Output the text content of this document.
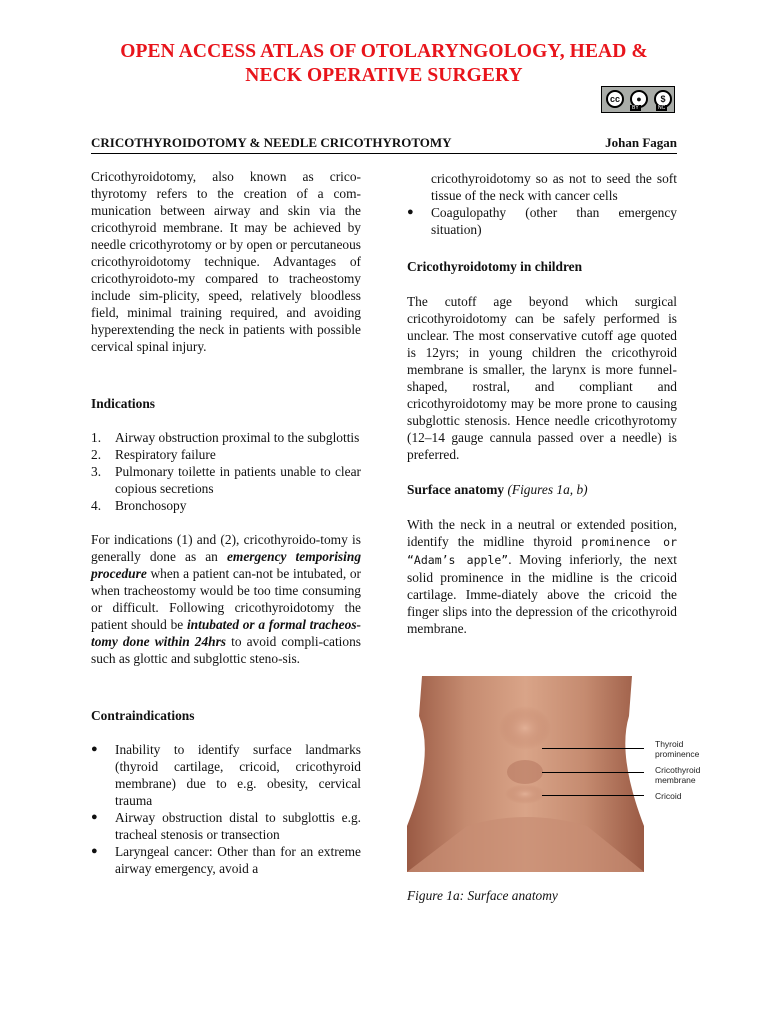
OPEN ACCESS ATLAS OF OTOLARYNGOLOGY, HEAD &
NECK OPERATIVE SURGERY
cc	●	$
BY	NC
CRICOTHYROIDOTOMY & NEEDLE CRICOTHYROTOMY	Johan Fagan

Cricothyroidotomy, also known as crico-thyrotomy refers to the creation of a com-munication between airway and skin via the cricothyroid membrane. It may be achieved by needle cricothyrotomy or by open or percutaneous cricothyroidotomy technique. Advantages of cricothyroidoto-my compared to tracheostomy include sim-plicity, speed, relatively bloodless field, minimal training required, and avoiding hyperextending the neck in patients with possible cervical spinal injury.

Indications

1. Airway obstruction proximal to the subglottis
2. Respiratory failure
3. Pulmonary toilette in patients unable to clear copious secretions
4. Bronchosopy

For indications (1) and (2), cricothyroido-tomy is generally done as an emergency temporising procedure when a patient can-not be intubated, or when tracheostomy would be too time consuming or difficult. Following cricothyroidotomy the patient should be intubated or a formal tracheos-tomy done within 24hrs to avoid compli-cations such as glottic and subglottic steno-sis.

Contraindications

● Inability to identify surface landmarks (thyroid cartilage, cricoid, cricothyroid membrane) due to e.g. obesity, cervical trauma
● Airway obstruction distal to subglottis e.g. tracheal stenosis or transection
● Laryngeal cancer: Other than for an extreme airway emergency, avoid a

cricothyroidotomy so as not to seed the soft tissue of the neck with cancer cells

● Coagulopathy (other than emergency situation)

Cricothyroidotomy in children

The cutoff age beyond which surgical cricothyroidotomy can be safely performed is unclear. The most conservative cutoff age quoted is 12yrs; in young children the cricothyroid membrane is smaller, the larynx is more funnel-shaped, rostral, and compliant and cricothyroidotomy may be more prone to causing subglottic stenosis. Hence needle cricothyrotomy (12–14 gauge cannula passed over a needle) is preferred.

Surface anatomy (Figures 1a, b)

With the neck in a neutral or extended position, identify the midline thyroid prominence or “Adam’s apple”. Moving inferiorly, the next solid prominence in the midline is the cricoid cartilage. Imme-diately above the cricoid the finger slips into the depression of the cricothyroid membrane.

Thyroid prominence
Cricothyroid membrane
Cricoid
Figure 1a: Surface anatomy
